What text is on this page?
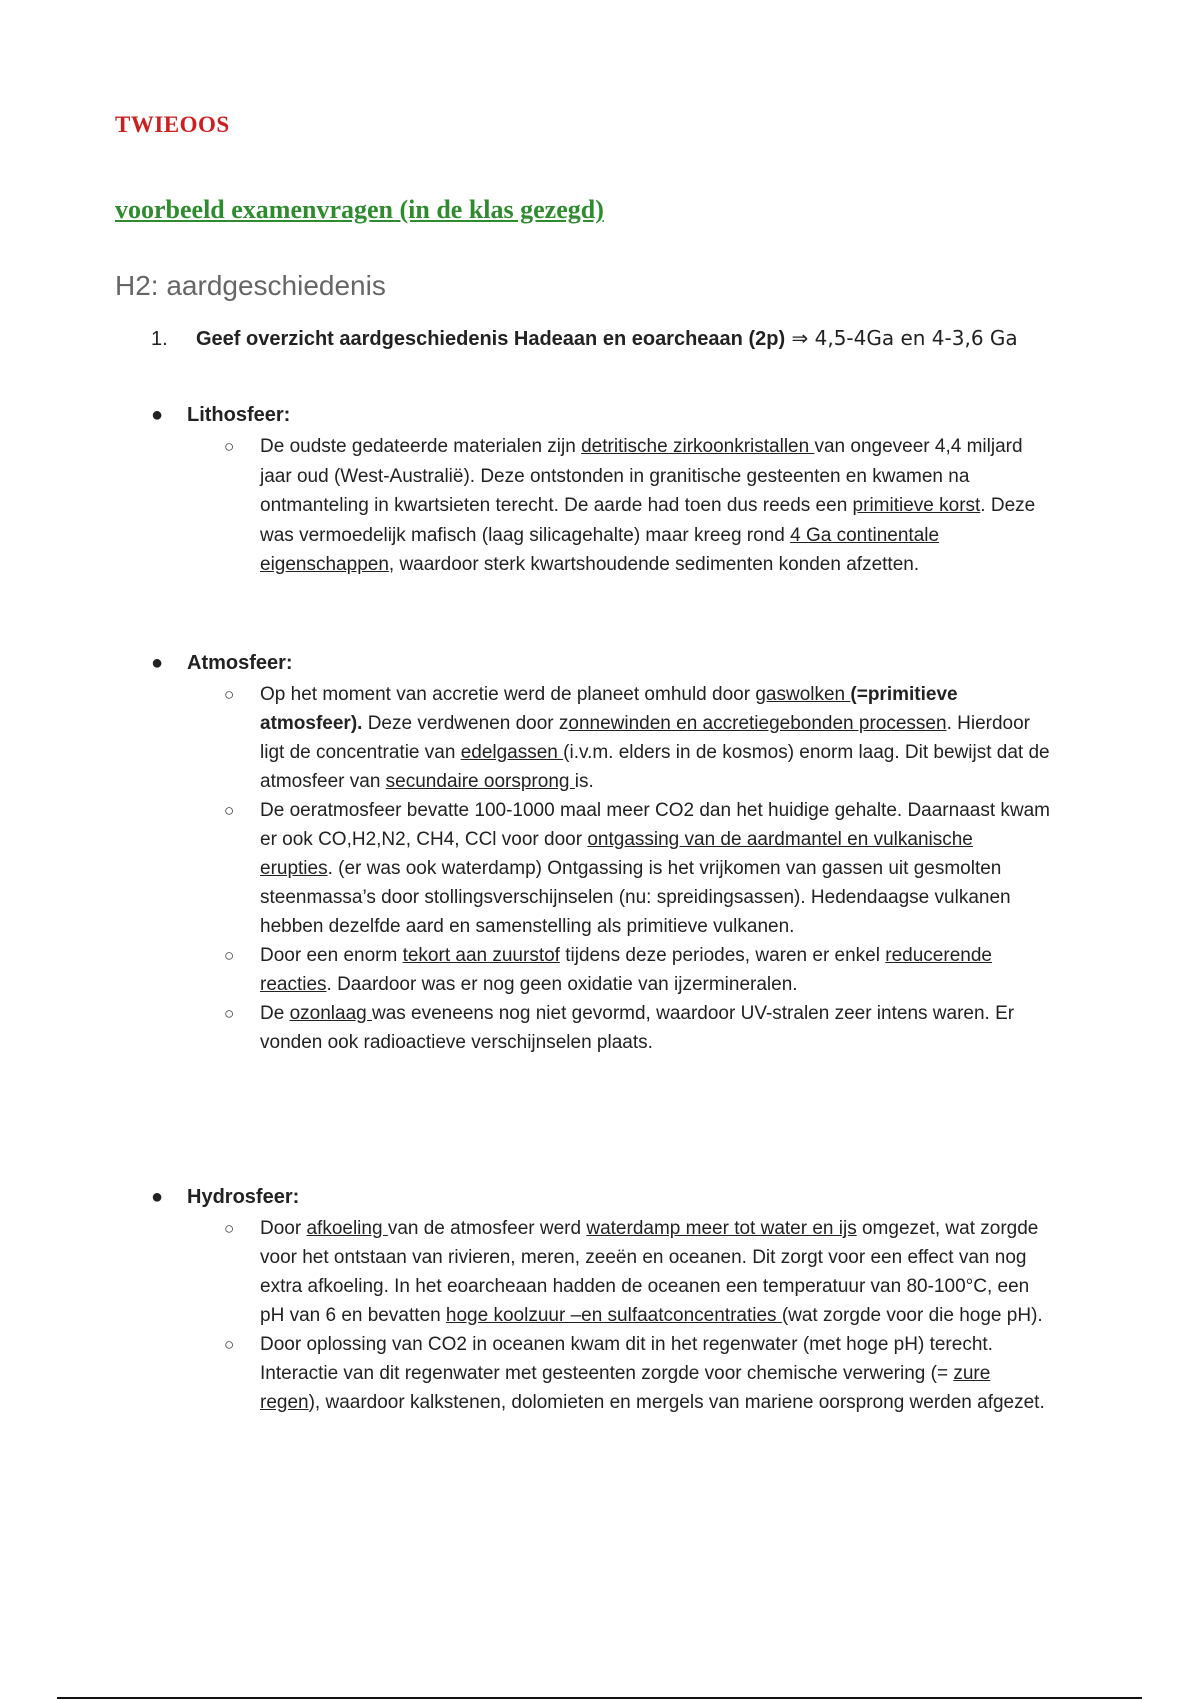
TWIEOOS
voorbeeld examenvragen (in de klas gezegd)
H2: aardgeschiedenis
1. Geef overzicht aardgeschiedenis Hadeaan en eoarcheaan (2p) ⇒ 4,5-4Ga en 4-3,6 Ga
● Lithosfeer:
○ De oudste gedateerde materialen zijn detritische zirkoonkristallen van ongeveer 4,4 miljard jaar oud (West-Australië). Deze ontstonden in granitische gesteenten en kwamen na ontmanteling in kwartsieten terecht. De aarde had toen dus reeds een primitieve korst. Deze was vermoedelijk mafisch (laag silicagehalte) maar kreeg rond 4 Ga continentale eigenschappen, waardoor sterk kwartshoudende sedimenten konden afzetten.
● Atmosfeer:
○ Op het moment van accretie werd de planeet omhuld door gaswolken (=primitieve atmosfeer). Deze verdwenen door zonnewinden en accretiegebonden processen. Hierdoor ligt de concentratie van edelgassen (i.v.m. elders in de kosmos) enorm laag. Dit bewijst dat de atmosfeer van secundaire oorsprong is.
○ De oeratmosfeer bevatte 100-1000 maal meer CO2 dan het huidige gehalte. Daarnaast kwam er ook CO,H2,N2, CH4, CCl voor door ontgassing van de aardmantel en vulkanische erupties. (er was ook waterdamp) Ontgassing is het vrijkomen van gassen uit gesmolten steenmassa’s door stollingsverschijnselen (nu: spreidingsassen). Hedendaagse vulkanen hebben dezelfde aard en samenstelling als primitieve vulkanen.
○ Door een enorm tekort aan zuurstof tijdens deze periodes, waren er enkel reducerende reacties. Daardoor was er nog geen oxidatie van ijzermineralen.
○ De ozonlaag was eveneens nog niet gevormd, waardoor UV-stralen zeer intens waren. Er vonden ook radioactieve verschijnselen plaats.
● Hydrosfeer:
○ Door afkoeling van de atmosfeer werd waterdamp meer tot water en ijs omgezet, wat zorgde voor het ontstaan van rivieren, meren, zeeën en oceanen. Dit zorgt voor een effect van nog extra afkoeling. In het eoarcheaan hadden de oceanen een temperatuur van 80-100°C, een pH van 6 en bevatten hoge koolzuur –en sulfaatconcentraties (wat zorgde voor die hoge pH).
○ Door oplossing van CO2 in oceanen kwam dit in het regenwater (met hoge pH) terecht. Interactie van dit regenwater met gesteenten zorgde voor chemische verwering (= zure regen), waardoor kalkstenen, dolomieten en mergels van mariene oorsprong werden afgezet.
